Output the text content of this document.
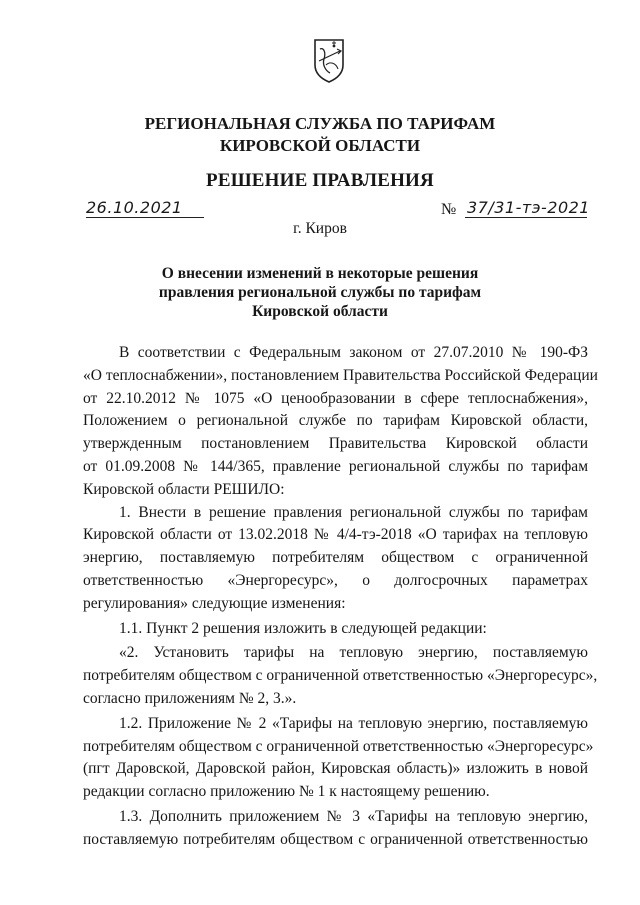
РЕГИОНАЛЬНАЯ СЛУЖБА ПО ТАРИФАМ
КИРОВСКОЙ ОБЛАСТИ
РЕШЕНИЕ ПРАВЛЕНИЯ
26.10.2021	№ 37/31-тэ-2021
г. Киров
О внесении изменений в некоторые решения
правления региональной службы по тарифам
Кировской области
В соответствии с Федеральным законом от 27.07.2010 № 190-ФЗ
«О теплоснабжении», постановлением Правительства Российской Федерации
от 22.10.2012 № 1075 «О ценообразовании в сфере теплоснабжения»,
Положением о региональной службе по тарифам Кировской области,
утвержденным постановлением Правительства Кировской области
от 01.09.2008 № 144/365, правление региональной службы по тарифам
Кировской области РЕШИЛО:
1. Внести в решение правления региональной службы по тарифам
Кировской области от 13.02.2018 № 4/4-тэ-2018 «О тарифах на тепловую
энергию, поставляемую потребителям обществом с ограниченной
ответственностью «Энергоресурс», о долгосрочных параметрах
регулирования» следующие изменения:
1.1. Пункт 2 решения изложить в следующей редакции:
«2. Установить тарифы на тепловую энергию, поставляемую
потребителям обществом с ограниченной ответственностью «Энергоресурс»,
согласно приложениям № 2, 3.».
1.2. Приложение № 2 «Тарифы на тепловую энергию, поставляемую
потребителям обществом с ограниченной ответственностью «Энергоресурс»
(пгт Даровской, Даровской район, Кировская область)» изложить в новой
редакции согласно приложению № 1 к настоящему решению.
1.3. Дополнить приложением № 3 «Тарифы на тепловую энергию,
поставляемую потребителям обществом с ограниченной ответственностью
